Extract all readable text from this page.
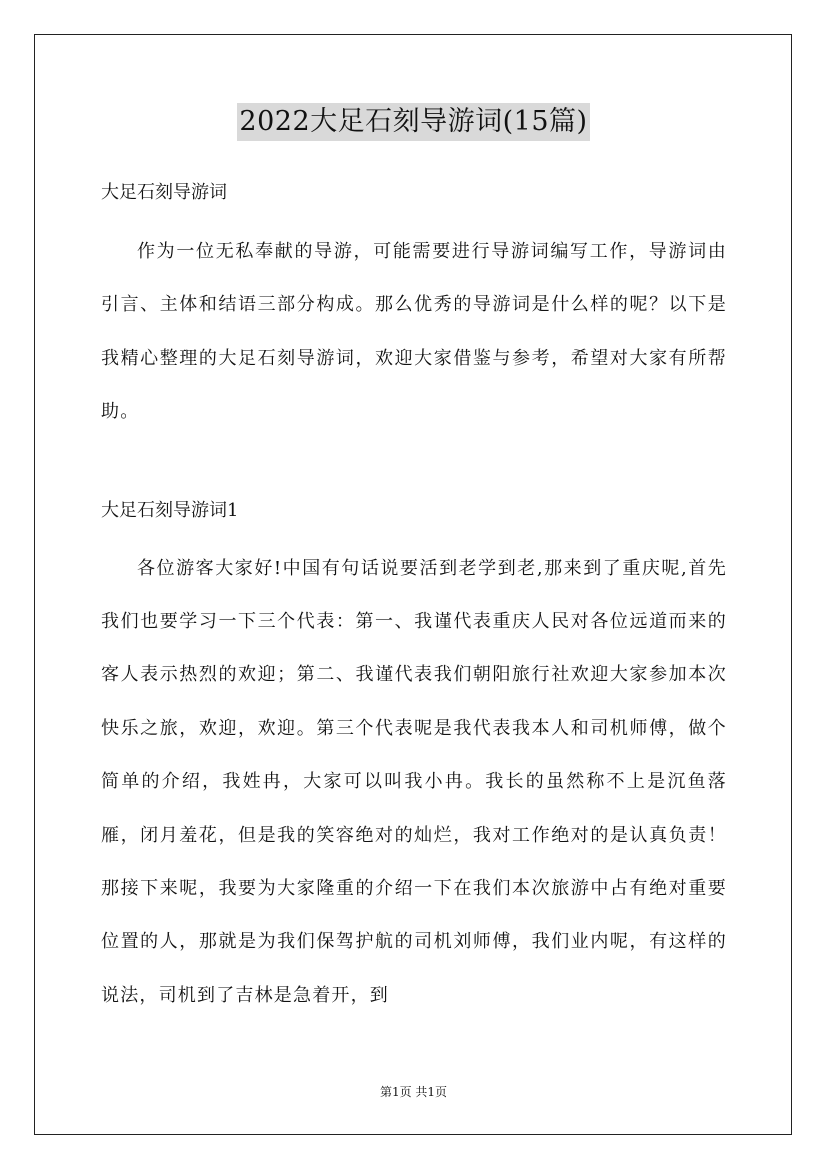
2022大足石刻导游词(15篇)

大足石刻导游词

作为一位无私奉献的导游，可能需要进行导游词编写工作，导游词由引言、主体和结语三部分构成。那么优秀的导游词是什么样的呢？以下是我精心整理的大足石刻导游词，欢迎大家借鉴与参考，希望对大家有所帮助。

大足石刻导游词1

各位游客大家好!中国有句话说要活到老学到老,那来到了重庆呢,首先我们也要学习一下三个代表：第一、我谨代表重庆人民对各位远道而来的客人表示热烈的欢迎；第二、我谨代表我们朝阳旅行社欢迎大家参加本次快乐之旅，欢迎，欢迎。第三个代表呢是我代表我本人和司机师傅，做个简单的介绍，我姓冉，大家可以叫我小冉。我长的虽然称不上是沉鱼落雁，闭月羞花，但是我的笑容绝对的灿烂，我对工作绝对的是认真负责！那接下来呢，我要为大家隆重的介绍一下在我们本次旅游中占有绝对重要位置的人，那就是为我们保驾护航的司机刘师傅，我们业内呢，有这样的说法，司机到了吉林是急着开，到

第1页 共1页
